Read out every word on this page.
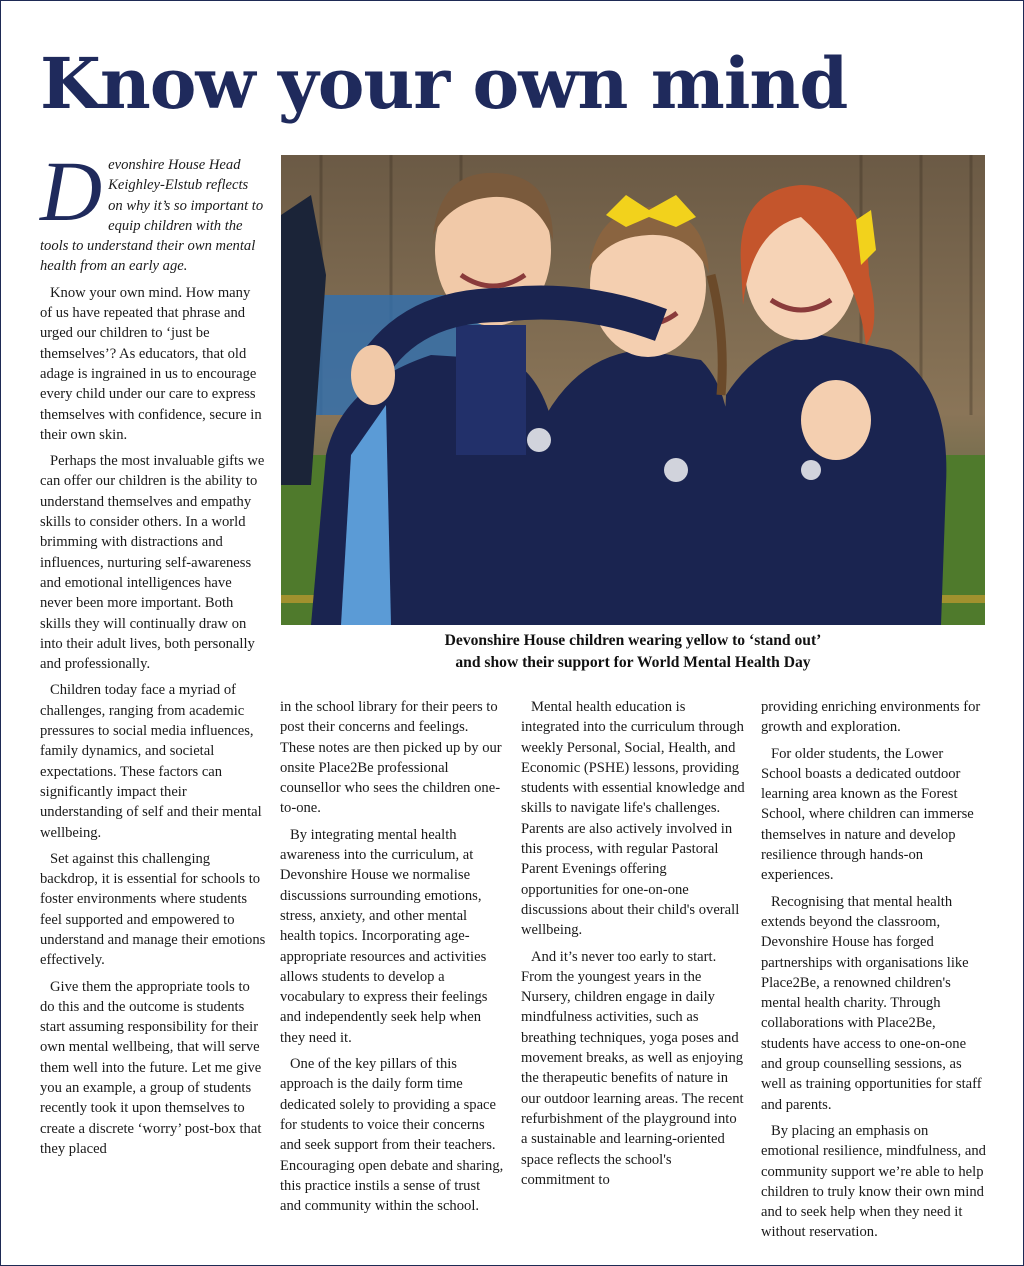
Know your own mind

Devonshire House Head Keighley-Elstub reflects on why it’s so important to equip children with the tools to understand their own mental health from an early age.

Know your own mind. How many of us have repeated that phrase and urged our children to ‘just be themselves’? As educators, that old adage is ingrained in us to encourage every child under our care to express themselves with confidence, secure in their own skin.

Perhaps the most invaluable gifts we can offer our children is the ability to understand themselves and empathy skills to consider others. In a world brimming with distractions and influences, nurturing self-awareness and emotional intelligences have never been more important. Both skills they will continually draw on into their adult lives, both personally and professionally.

Children today face a myriad of challenges, ranging from academic pressures to social media influences, family dynamics, and societal expectations. These factors can significantly impact their understanding of self and their mental wellbeing.

Set against this challenging backdrop, it is essential for schools to foster environments where students feel supported and empowered to understand and manage their emotions effectively.

Give them the appropriate tools to do this and the outcome is students start assuming responsibility for their own mental wellbeing, that will serve them well into the future. Let me give you an example, a group of students recently took it upon themselves to create a discrete ‘worry’ post-box that they placed

Devonshire House children wearing yellow to ‘stand out’
and show their support for World Mental Health Day

in the school library for their peers to post their concerns and feelings. These notes are then picked up by our onsite Place2Be professional counsellor who sees the children one-to-one.

By integrating mental health awareness into the curriculum, at Devonshire House we normalise discussions surrounding emotions, stress, anxiety, and other mental health topics. Incorporating age-appropriate resources and activities allows students to develop a vocabulary to express their feelings and independently seek help when they need it.

One of the key pillars of this approach is the daily form time dedicated solely to providing a space for students to voice their concerns and seek support from their teachers. Encouraging open debate and sharing, this practice instils a sense of trust and community within the school.

Mental health education is integrated into the curriculum through weekly Personal, Social, Health, and Economic (PSHE) lessons, providing students with essential knowledge and skills to navigate life's challenges. Parents are also actively involved in this process, with regular Pastoral Parent Evenings offering opportunities for one-on-one discussions about their child's overall wellbeing.

And it’s never too early to start. From the youngest years in the Nursery, children engage in daily mindfulness activities, such as breathing techniques, yoga poses and movement breaks, as well as enjoying the therapeutic benefits of nature in our outdoor learning areas. The recent refurbishment of the playground into a sustainable and learning-oriented space reflects the school's commitment to

providing enriching environments for growth and exploration.

For older students, the Lower School boasts a dedicated outdoor learning area known as the Forest School, where children can immerse themselves in nature and develop resilience through hands-on experiences.

Recognising that mental health extends beyond the classroom, Devonshire House has forged partnerships with organisations like Place2Be, a renowned children's mental health charity. Through collaborations with Place2Be, students have access to one-on-one and group counselling sessions, as well as training opportunities for staff and parents.

By placing an emphasis on emotional resilience, mindfulness, and community support we’re able to help children to truly know their own mind and to seek help when they need it without reservation.
